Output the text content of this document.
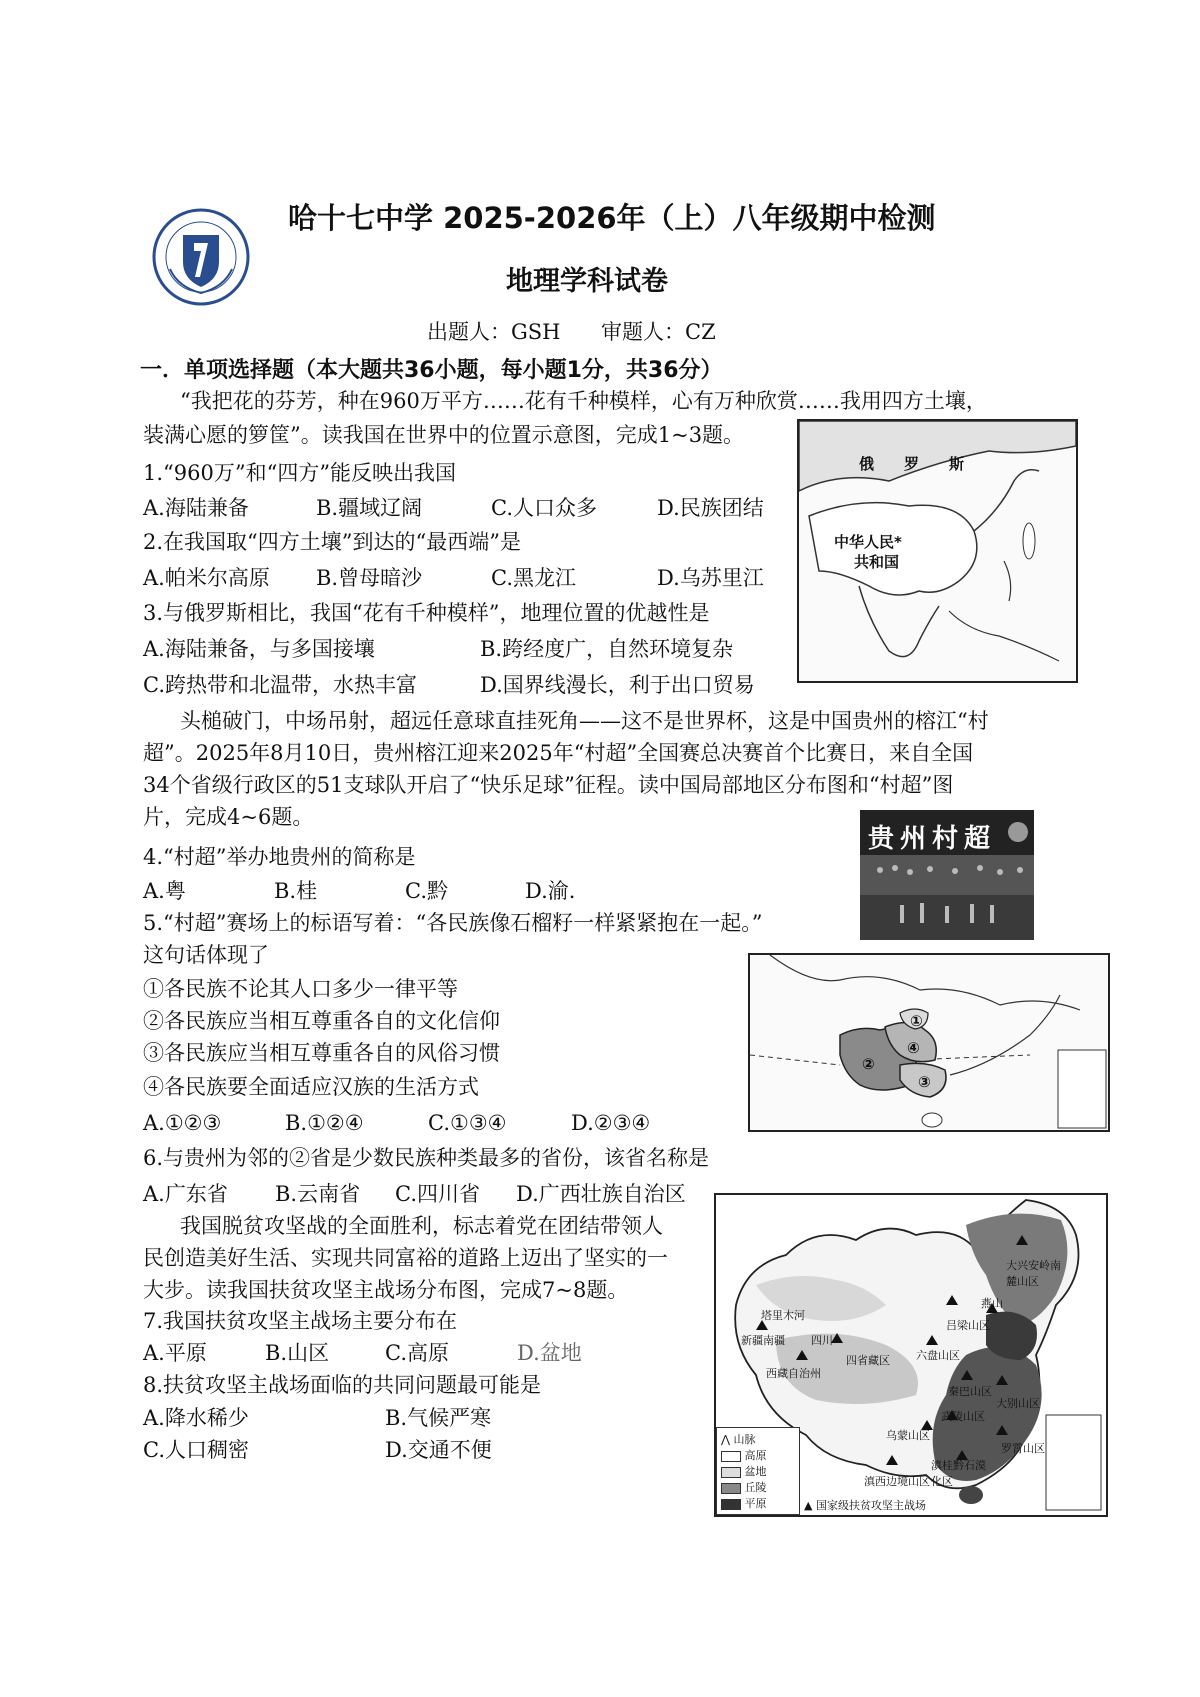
哈十七中学 2025-2026年（上）八年级期中检测
地理学科试卷
出题人：GSH 审题人：CZ
一．单项选择题（本大题共36小题，每小题1分，共36分）
“我把花的芬芳，种在960万平方……花有千种模样，心有万种欣赏……我用四方土壤，
装满心愿的箩筐”。读我国在世界中的位置示意图，完成1~3题。
1.“960万”和“四方”能反映出我国
A.海陆兼备	B.疆域辽阔	C.人口众多	D.民族团结
2.在我国取“四方土壤”到达的“最西端”是
A.帕米尔高原 B.曾母暗沙	C.黑龙江	D.乌苏里江
3.与俄罗斯相比，我国“花有千种模样”，地理位置的优越性是
A.海陆兼备，与多国接壤	B.跨经度广，自然环境复杂
C.跨热带和北温带，水热丰富	D.国界线漫长，利于出口贸易
俄　　罗　　斯
中华人民*
共和国
头槌破门，中场吊射，超远任意球直挂死角——这不是世界杯，这是中国贵州的榕江“村
超”。2025年8月10日，贵州榕江迎来2025年“村超”全国赛总决赛首个比赛日，来自全国
34个省级行政区的51支球队开启了“快乐足球”征程。读中国局部地区分布图和“村超”图
片，完成4~6题。
贵州村超
4.“村超”举办地贵州的简称是
A.粤	B.桂	C.黔	D.渝.
5.“村超”赛场上的标语写着：“各民族像石榴籽一样紧紧抱在一起。”
这句话体现了
①各民族不论其人口多少一律平等
②各民族应当相互尊重各自的文化信仰
③各民族应当相互尊重各自的风俗习惯
④各民族要全面适应汉族的生活方式
A.①②③	B.①②④	C.①③④	D.②③④
①
②
③
④
6.与贵州为邻的②省是少数民族种类最多的省份，该省名称是
A.广东省 B.云南省 C.四川省 D.广西壮族自治区
我国脱贫攻坚战的全面胜利，标志着党在团结带领人
民创造美好生活、实现共同富裕的道路上迈出了坚实的一
大步。读我国扶贫攻坚主战场分布图，完成7~8题。
7.我国扶贫攻坚主战场主要分布在
A.平原	B.山区	C.高原	D.盆地
8.扶贫攻坚主战场面临的共同问题最可能是
A.降水稀少	B.气候严寒
C.人口稠密	D.交通不便
塔里木河
新疆南疆 四川
西藏自治州
四省藏区 六盘山区
吕梁山区
燕山
大兴安岭南麓山区
秦巴山区
大别山区
武陵山区
乌蒙山区
罗霄山区
滇西边境山区
滇桂黔石漠化区
⋀ 山脉
高原
盆地
丘陵
平原	▲ 国家级扶贫攻坚主战场
